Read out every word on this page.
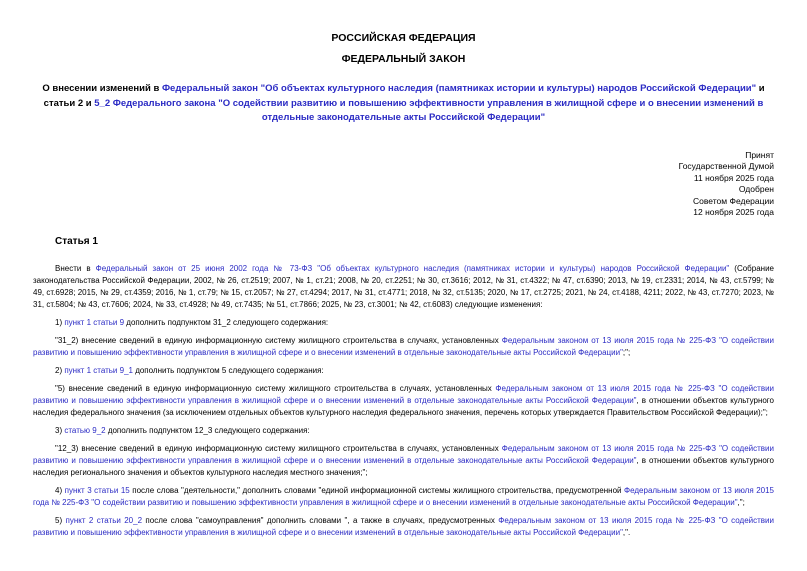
РОССИЙСКАЯ ФЕДЕРАЦИЯ
ФЕДЕРАЛЬНЫЙ ЗАКОН
О внесении изменений в Федеральный закон "Об объектах культурного наследия (памятниках истории и культуры) народов Российской Федерации" и статьи 2 и 5_2 Федерального закона "О содействии развитию и повышению эффективности управления в жилищной сфере и о внесении изменений в отдельные законодательные акты Российской Федерации"
Принят
Государственной Думой
11 ноября 2025 года
Одобрен
Советом Федерации
12 ноября 2025 года
Статья 1

Внести в Федеральный закон от 25 июня 2002 года № 73-ФЗ "Об объектах культурного наследия (памятниках истории и культуры) народов Российской Федерации" (Собрание законодательства Российской Федерации, 2002, № 26, ст.2519; 2007, № 1, ст.21; 2008, № 20, ст.2251; № 30, ст.3616; 2012, № 31, ст.4322; № 47, ст.6390; 2013, № 19, ст.2331; 2014, № 43, ст.5799; № 49, ст.6928; 2015, № 29, ст.4359; 2016, № 1, ст.79; № 15, ст.2057; № 27, ст.4294; 2017, № 31, ст.4771; 2018, № 32, ст.5135; 2020, № 17, ст.2725; 2021, № 24, ст.4188, 4211; 2022, № 43, ст.7270; 2023, № 31, ст.5804; № 43, ст.7606; 2024, № 33, ст.4928; № 49, ст.7435; № 51, ст.7866; 2025, № 23, ст.3001; № 42, ст.6083) следующие изменения:

1) пункт 1 статьи 9 дополнить подпунктом 31_2 следующего содержания:

"31_2) внесение сведений в единую информационную систему жилищного строительства в случаях, установленных Федеральным законом от 13 июля 2015 года № 225-ФЗ "О содействии развитию и повышению эффективности управления в жилищной сфере и о внесении изменений в отдельные законодательные акты Российской Федерации";";

2) пункт 1 статьи 9_1 дополнить подпунктом 5 следующего содержания:

"5) внесение сведений в единую информационную систему жилищного строительства в случаях, установленных Федеральным законом от 13 июля 2015 года № 225-ФЗ "О содействии развитию и повышению эффективности управления в жилищной сфере и о внесении изменений в отдельные законодательные акты Российской Федерации", в отношении объектов культурного наследия федерального значения (за исключением отдельных объектов культурного наследия федерального значения, перечень которых утверждается Правительством Российской Федерации);";

3) статью 9_2 дополнить подпунктом 12_3 следующего содержания:

"12_3) внесение сведений в единую информационную систему жилищного строительства в случаях, установленных Федеральным законом от 13 июля 2015 года № 225-ФЗ "О содействии развитию и повышению эффективности управления в жилищной сфере и о внесении изменений в отдельные законодательные акты Российской Федерации", в отношении объектов культурного наследия регионального значения и объектов культурного наследия местного значения;";

4) пункт 3 статьи 15 после слова "деятельности," дополнить словами "единой информационной системы жилищного строительства, предусмотренной Федеральным законом от 13 июля 2015 года № 225-ФЗ "О содействии развитию и повышению эффективности управления в жилищной сфере и о внесении изменений в отдельные законодательные акты Российской Федерации",";

5) пункт 2 статьи 20_2 после слова "самоуправления" дополнить словами ", а также в случаях, предусмотренных Федеральным законом от 13 июля 2015 года № 225-ФЗ "О содействии развитию и повышению эффективности управления в жилищной сфере и о внесении изменений в отдельные законодательные акты Российской Федерации",".
